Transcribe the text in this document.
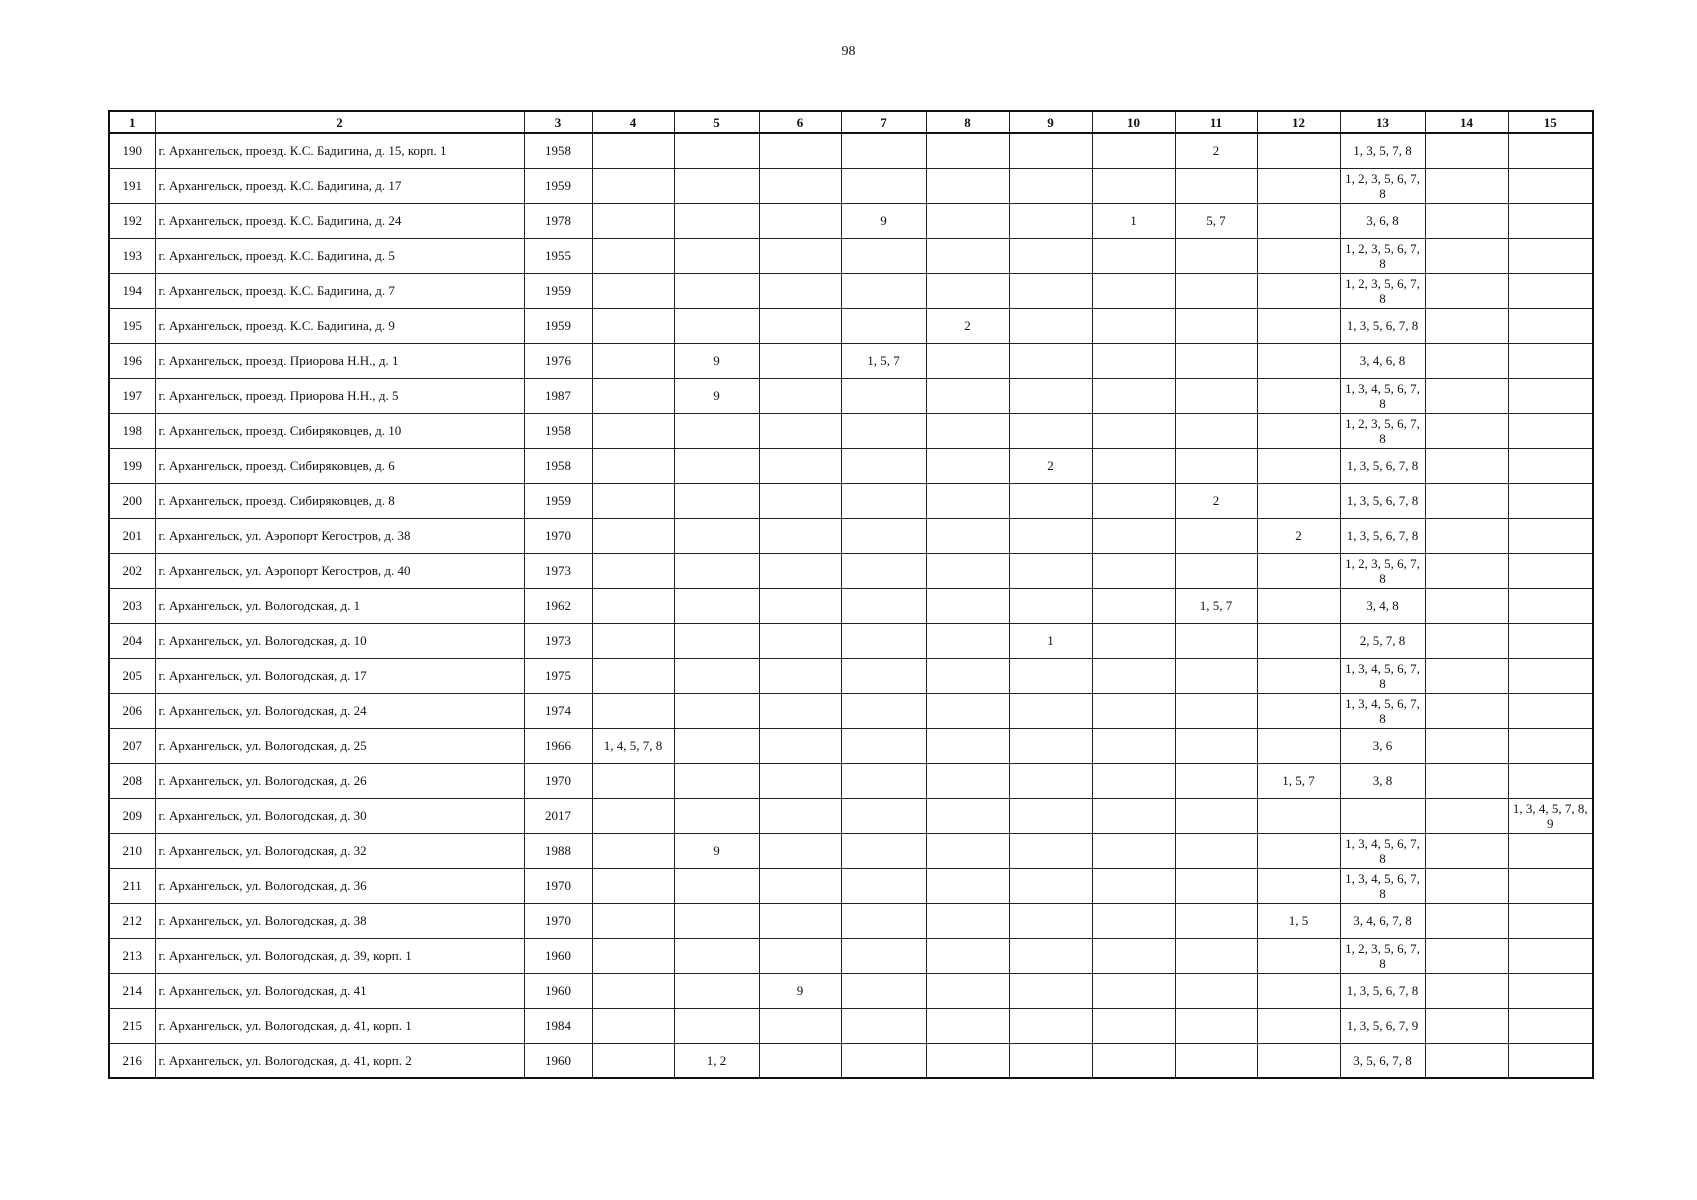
98
1	2	3	4	5	6	7	8	9	10	11	12	13	14	15
190	г. Архангельск, проезд. К.С. Бадигина, д. 15, корп. 1	1958								2		1, 3, 5, 7, 8		
191	г. Архангельск, проезд. К.С. Бадигина, д. 17	1959										1, 2, 3, 5, 6, 7, 8		
192	г. Архангельск, проезд. К.С. Бадигина, д. 24	1978				9			1	5, 7		3, 6, 8		
193	г. Архангельск, проезд. К.С. Бадигина, д. 5	1955										1, 2, 3, 5, 6, 7, 8		
194	г. Архангельск, проезд. К.С. Бадигина, д. 7	1959										1, 2, 3, 5, 6, 7, 8		
195	г. Архангельск, проезд. К.С. Бадигина, д. 9	1959					2					1, 3, 5, 6, 7, 8		
196	г. Архангельск, проезд. Приорова Н.Н., д. 1	1976		9		1, 5, 7						3, 4, 6, 8		
197	г. Архангельск, проезд. Приорова Н.Н., д. 5	1987		9								1, 3, 4, 5, 6, 7, 8		
198	г. Архангельск, проезд. Сибиряковцев, д. 10	1958										1, 2, 3, 5, 6, 7, 8		
199	г. Архангельск, проезд. Сибиряковцев, д. 6	1958						2				1, 3, 5, 6, 7, 8		
200	г. Архангельск, проезд. Сибиряковцев, д. 8	1959								2		1, 3, 5, 6, 7, 8		
201	г. Архангельск, ул. Аэропорт Кегостров, д. 38	1970									2	1, 3, 5, 6, 7, 8		
202	г. Архангельск, ул. Аэропорт Кегостров, д. 40	1973										1, 2, 3, 5, 6, 7, 8		
203	г. Архангельск, ул. Вологодская, д. 1	1962								1, 5, 7		3, 4, 8		
204	г. Архангельск, ул. Вологодская, д. 10	1973						1				2, 5, 7, 8		
205	г. Архангельск, ул. Вологодская, д. 17	1975										1, 3, 4, 5, 6, 7, 8		
206	г. Архангельск, ул. Вологодская, д. 24	1974										1, 3, 4, 5, 6, 7, 8		
207	г. Архангельск, ул. Вологодская, д. 25	1966	1, 4, 5, 7, 8									3, 6		
208	г. Архангельск, ул. Вологодская, д. 26	1970									1, 5, 7	3, 8		
209	г. Архангельск, ул. Вологодская, д. 30	2017												1, 3, 4, 5, 7, 8, 9
210	г. Архангельск, ул. Вологодская, д. 32	1988		9								1, 3, 4, 5, 6, 7, 8		
211	г. Архангельск, ул. Вологодская, д. 36	1970										1, 3, 4, 5, 6, 7, 8		
212	г. Архангельск, ул. Вологодская, д. 38	1970									1, 5	3, 4, 6, 7, 8		
213	г. Архангельск, ул. Вологодская, д. 39, корп. 1	1960										1, 2, 3, 5, 6, 7, 8		
214	г. Архангельск, ул. Вологодская, д. 41	1960			9							1, 3, 5, 6, 7, 8		
215	г. Архангельск, ул. Вологодская, д. 41, корп. 1	1984										1, 3, 5, 6, 7, 9		
216	г. Архангельск, ул. Вологодская, д. 41, корп. 2	1960		1, 2								3, 5, 6, 7, 8		
